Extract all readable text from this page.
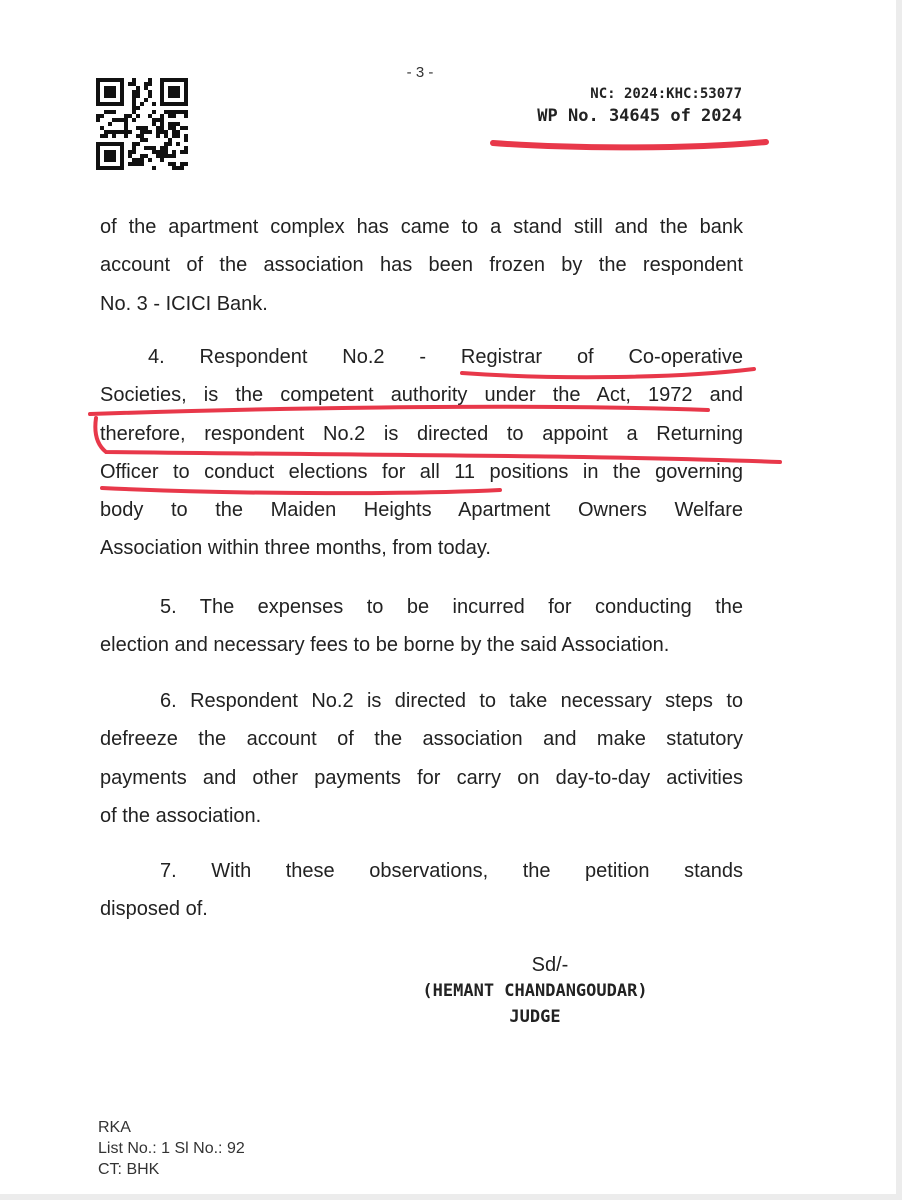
- 3 -
NC: 2024:KHC:53077
WP No. 34645 of 2024
of the apartment complex has came to a stand still and the bank
account of the association has been frozen by the respondent
No. 3 - ICICI Bank.
4. Respondent No.2 - Registrar of Co-operative
Societies, is the competent authority under the Act, 1972 and
therefore, respondent No.2 is directed to appoint a Returning
Officer to conduct elections for all 11 positions in the governing
body to the Maiden Heights Apartment Owners Welfare
Association within three months, from today.
5. The expenses to be incurred for conducting the
election and necessary fees to be borne by the said Association.
6. Respondent No.2 is directed to take necessary steps to
defreeze the account of the association and make statutory
payments and other payments for carry on day-to-day activities
of the association.
7. With these observations, the petition stands
disposed of.
Sd/-
(HEMANT CHANDANGOUDAR)
JUDGE
RKA
List No.: 1 Sl No.: 92
CT: BHK
